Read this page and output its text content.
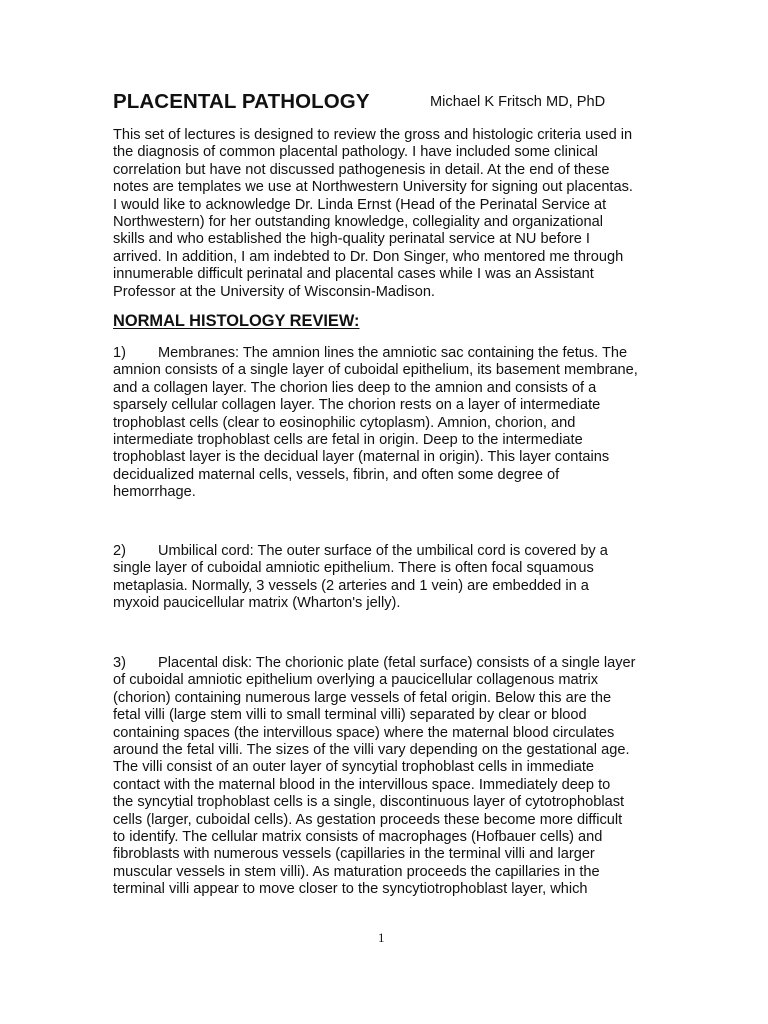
PLACENTAL PATHOLOGY	Michael K Fritsch MD, PhD
This set of lectures is designed to review the gross and histologic criteria used in
the diagnosis of common placental pathology. I have included some clinical
correlation but have not discussed pathogenesis in detail. At the end of these
notes are templates we use at Northwestern University for signing out placentas.
I would like to acknowledge Dr. Linda Ernst (Head of the Perinatal Service at
Northwestern) for her outstanding knowledge, collegiality and organizational
skills and who established the high-quality perinatal service at NU before I
arrived. In addition, I am indebted to Dr. Don Singer, who mentored me through
innumerable difficult perinatal and placental cases while I was an Assistant
Professor at the University of Wisconsin-Madison.
NORMAL HISTOLOGY REVIEW:
1) Membranes: The amnion lines the amniotic sac containing the fetus. The
amnion consists of a single layer of cuboidal epithelium, its basement membrane,
and a collagen layer. The chorion lies deep to the amnion and consists of a
sparsely cellular collagen layer. The chorion rests on a layer of intermediate
trophoblast cells (clear to eosinophilic cytoplasm). Amnion, chorion, and
intermediate trophoblast cells are fetal in origin. Deep to the intermediate
trophoblast layer is the decidual layer (maternal in origin). This layer contains
decidualized maternal cells, vessels, fibrin, and often some degree of
hemorrhage.
2) Umbilical cord: The outer surface of the umbilical cord is covered by a
single layer of cuboidal amniotic epithelium. There is often focal squamous
metaplasia. Normally, 3 vessels (2 arteries and 1 vein) are embedded in a
myxoid paucicellular matrix (Wharton's jelly).
3) Placental disk: The chorionic plate (fetal surface) consists of a single layer
of cuboidal amniotic epithelium overlying a paucicellular collagenous matrix
(chorion) containing numerous large vessels of fetal origin. Below this are the
fetal villi (large stem villi to small terminal villi) separated by clear or blood
containing spaces (the intervillous space) where the maternal blood circulates
around the fetal villi. The sizes of the villi vary depending on the gestational age.
The villi consist of an outer layer of syncytial trophoblast cells in immediate
contact with the maternal blood in the intervillous space. Immediately deep to
the syncytial trophoblast cells is a single, discontinuous layer of cytotrophoblast
cells (larger, cuboidal cells). As gestation proceeds these become more difficult
to identify. The cellular matrix consists of macrophages (Hofbauer cells) and
fibroblasts with numerous vessels (capillaries in the terminal villi and larger
muscular vessels in stem villi). As maturation proceeds the capillaries in the
terminal villi appear to move closer to the syncytiotrophoblast layer, which
1
